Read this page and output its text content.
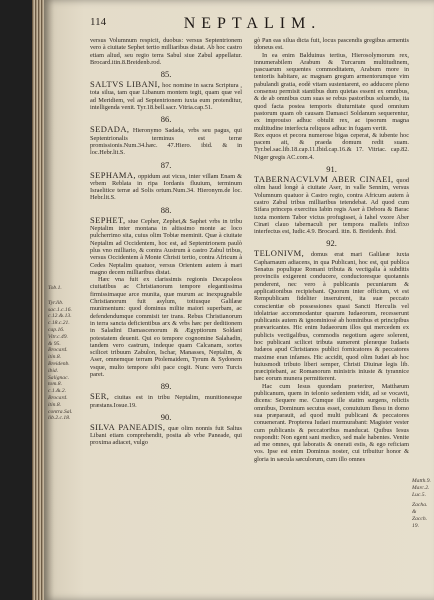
114	NEPTALIM.
Tob.1.
Tyr.lib.
sac.1.c.16.
c.12.&.13.
c.18.c.21.
cap.16.
Vitr.c.49.
& 95.
Brocard.
itin.8.
Breidenb.
ibid.
Salignac.
tom.8.
c.1.&.2.
Brocard.
itin.8.
contra.Sal.
lib.2.c.18.
Matth.9.
Marc.2.
Luc.5.
Zacha.
&
Zacch.
19.

versus Volumnum respicit, duobus: versus Septentrionem vero à ciuitate Sephet tertio milliaribus distat. Ab hoc castro etiam aliud, seu regio terra Sabul siue Zabul appellatur. Brocard.itin.8.Breidenb.rod.

85.

SALTVS LIBANI, hoc nomine in sacra Scriptura , tota silua, tam quæ Libanum montem tegit, quam quæ vel ad Meridiem, vel ad Septentrionem iuxta eum protenditur, intelligenda venit. Tyr.18.bell.sacr. Vitria.cap.51.

86.

SEDADA, Hieronymo Sadada, vrbs seu pagus, qui Septentrionalis terminus est terræ promissionis.Num.34.hæc. 47.Hiero. ibid. & in loc.Hebr.lit.S.

87.

SEPHAMA, oppidum aut vicus, inter villam Enam & vrbem Reblata in ripa Iordanis fluuium, terminum Israelitice terræ ad Solis ortum.Num.34. Hieronym.de loc. Hebr.lit.S.

88.

SEPHET, siue Cepher, Zephet,& Saphet vrbs in tribu Neptalim inter montana in altissimo monte ac loco pulcherrimo sita, cuius olim Tobiæ meminit. Quæ à ciuitate Neptalim ad Occidentem, hoc est, ad Septentrionem paulò plus vno milliario, & contra Austrum à castro Zabul tribus, versus Occidentem à Monte Christi tertio, contra Africum à Cedes Neptalim quatuor, versus Orientem autem à mari magno decem milliaribus distat.

Hæc vna fuit ex clarissimis regionis Decapoleos ciuitatibus ac Christianorum tempore elegantissima firmissimaque arce munita, quæ murum ac inexpugnabile Christianorum fuit asylum, totiusque Galilææ munimentum: quod dominus milite maiori superbam, ac defendendumque commisit ter trans. Rebus Christianorum in terra sancta deficientibus arx & vrbs hæc per deditionem in Saladini Damascenorum & Ægyptiorum Soldani potestatem deuenit. Qui eo tempore cognomine Salahadin, tandem vero castrum, indeque quam Calcanam, sortes scilicet tribuum Zabulon, Ischar, Manasses, Neptalim, & Aser, omnemque terram Ptolemaidem, Tyrum & Sydonem vsque, multo tempore sibi pace cogit. Nunc vero Turcis paret.

89.

SER, ciuitas est in tribu Neptalim, munitionesque præstans.Iosue.19.

90.

SILVA PANEADIS, quæ olim nonnis fuit Saltus Libani etiam comprehendit, posita ab vrbe Paneade, qui proxima adiacet, vulgo

gò Pan eas silua dicta fuit, locus pascendis gregibus armentis idoneus est.

In ea enim Balduinus tertius, Hierosolymorum rex, innumerabilem Arabum & Turcarum multitudinem, pascuarum sequentes commoditatem, Arabum more in tentoriis habitare, ac magnam gregum armentorumque vim pabulandi gratia, eodè vitam sustentarent, eo adducere pleno consensu permisit stantibus dum quietas essent ex omnibus, & de ab omnibus cum suas se rebus pastoribus soluendo, ita quod facta postea temporis diuturnitate quod omnium pastorum quam ob causam Damasci Soldanum sequerentur, ex improuiso adhuc obtulit rex, ac ipsorum magna multitudine interfecta reliquos adhuc in fugam vertit.

Rex equos et pecora numerose bigas ceperat, & iubente hoc pacem ait, & praeda domum redit suam. Tyr.bel.sac.lib.18.cap.11.Ibid.cap.16.& 17. Vitriac. cap.82. Niger gregis AC.com.4.

91.

TABERNACVLVM ABER CINAEI, quod olim haud longè à ciuitate Aser, in valle Sennim, versus Volumnum quatuor à Castro regio, contra Africum autem à castro Zabul tribus milliaribus tetendebat. Ad quod cum Sifara princeps exercitus Iabin regis Aser à Debora & Barac iuxta montem Tabor victus profugisset, à Iahel vxore Aber Cinæi clauo tabernaculi per tempora malleis infixo interfectus est, Iudic.4.9. Brocard. itin. 8. Breidenb. ibid.

92.

TELONIVM, domus erat mari Galilææ iuxta Capharnaum adiacens, in qua Publicani, hoc est, qui publica Senatus populique Romani tributa & vectigalia à subditis provinciis exigerent conducere, conductoresque quotannis penderent, nec vero à publicanis pecuniarum & applicationibus recipiebant. Quorum inter officium, vt est Rempublicam fideliter inseruirent, ita suæ peccato conscientiæ ob possessiones quasi Sancti Herculis vel idolatriae accommodantur quarum Iudaeorum, recesserunt publicanis autem & ignominiosè ab hominibus et principibus prævaricantes. Hic enim Iudaeorum illos qui mercedem ex publicis vectigalibus, commodis negotium agere solerent, hoc publicani scilicet tributa sumerent pleræque Iudaeis Iudæos apud Christianos publici fornicatores & peccatores maxime eran infames. Hic accidit, quod olim Iudæi ab hoc huiusmodi tributo liberi semper, Christi Diuinæ legis lib. præcipiebant, ac Romanorum ministris iniuste & tyrannice hæc eorum munera permitterent.

Hac cum Iesus quondam præterirer, Matthæum publicanum, quem in telonio sedentem vidit, ad se vocavit, dicens: Sequere me. Cumque ille statim surgens, relictis omnibus, Dominum secutus esset, conuiuium Ihesu in domo sua præparauit, ad quod multi publicani & peccatores conuenerant. Propterea Iudaei murmurabant: Magister vester cum publicanis & peccatoribus manducat. Quibus Iesus respondit: Non egent sani medico, sed male habentes. Venite ad me omnes, qui laboratis & onerati estis, & ego reficiam vos. Ipse est enim Dominus noster, cui tribuitur honor & gloria in sæcula sæculorum, cum illo omnes
